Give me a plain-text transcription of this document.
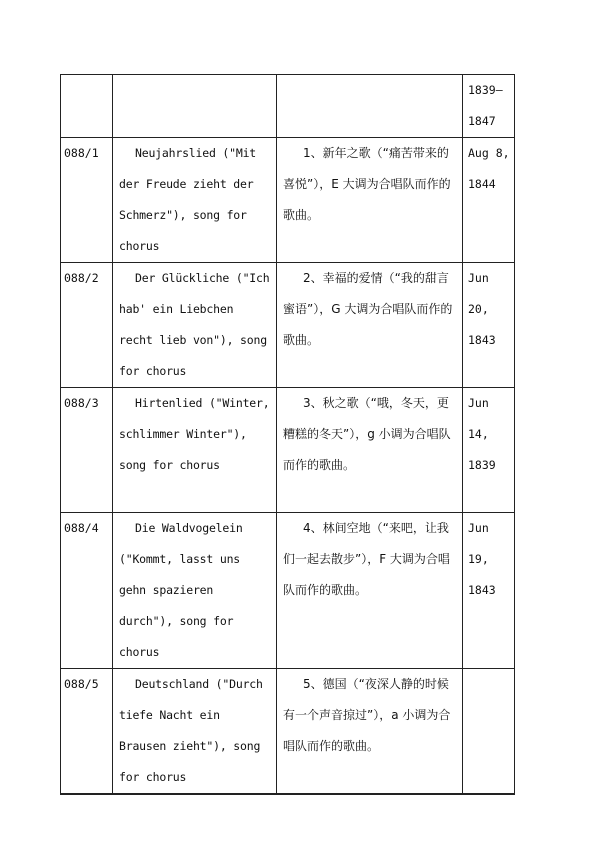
			1839–1847

088/1	Neujahrslied ("Mit der Freude zieht der Schmerz"), song for chorus	1、新年之歌（“痛苦带来的喜悦”），E 大调为合唱队而作的歌曲。	Aug 8, 1844

088/2	Der Glückliche ("Ich hab' ein Liebchen recht lieb von"), song for chorus	2、幸福的爱情（“我的甜言蜜语”），G 大调为合唱队而作的歌曲。	Jun 20, 1843

088/3	Hirtenlied ("Winter, schlimmer Winter"), song for chorus	3、秋之歌（“哦，冬天，更糟糕的冬天”），g 小调为合唱队而作的歌曲。	Jun 14, 1839

088/4	Die Waldvogelein ("Kommt, lasst uns gehn spazieren durch"), song for chorus	4、林间空地（“来吧，让我们一起去散步”），F 大调为合唱队而作的歌曲。	Jun 19, 1843

088/5	Deutschland ("Durch tiefe Nacht ein Brausen zieht"), song for chorus	5、德国（“夜深人静的时候有一个声音掠过”），a 小调为合唱队而作的歌曲。	
